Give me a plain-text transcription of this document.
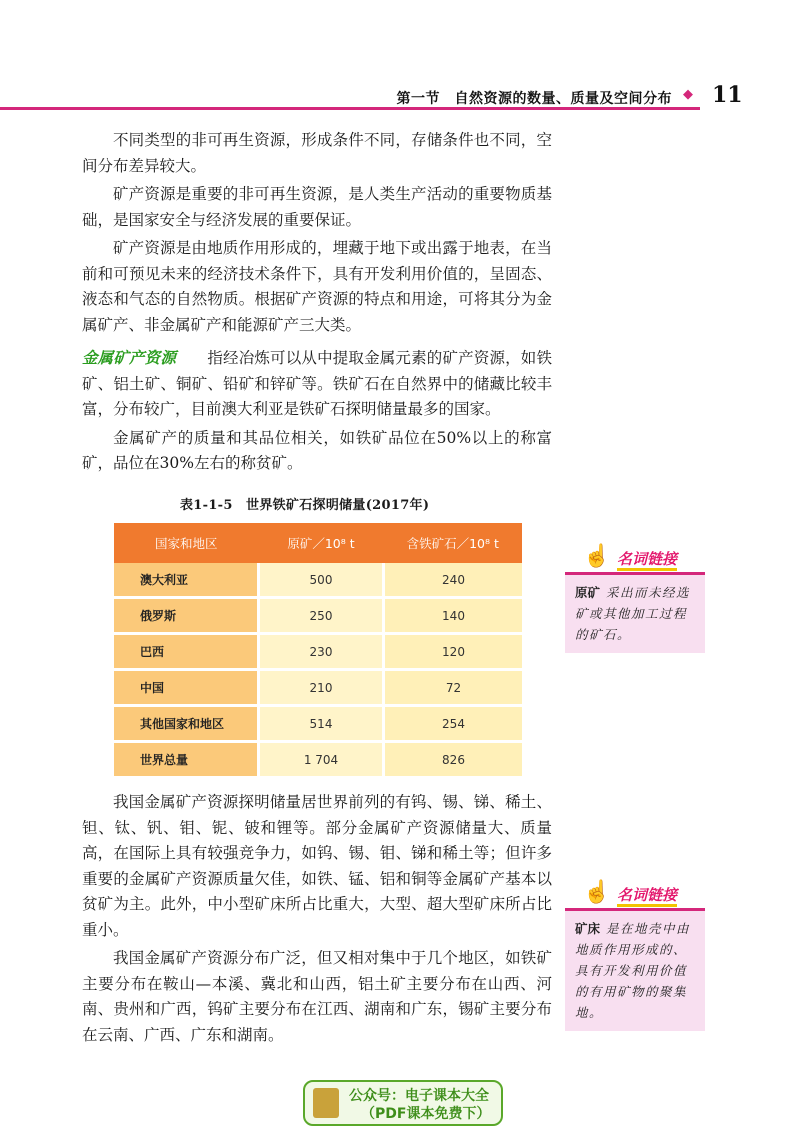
第一节　自然资源的数量、质量及空间分布 ◆ 11

不同类型的非可再生资源，形成条件不同，存储条件也不同，空间分布差异较大。

矿产资源是重要的非可再生资源，是人类生产活动的重要物质基础，是国家安全与经济发展的重要保证。

矿产资源是由地质作用形成的，埋藏于地下或出露于地表，在当前和可预见未来的经济技术条件下，具有开发利用价值的，呈固态、液态和气态的自然物质。根据矿产资源的特点和用途，可将其分为金属矿产、非金属矿产和能源矿产三大类。

金属矿产资源　　指经冶炼可以从中提取金属元素的矿产资源，如铁矿、铝土矿、铜矿、铅矿和锌矿等。铁矿石在自然界中的储藏比较丰富，分布较广，目前澳大利亚是铁矿石探明储量最多的国家。

金属矿产的质量和其品位相关，如铁矿品位在50%以上的称富矿，品位在30%左右的称贫矿。

表1-1-5　世界铁矿石探明储量(2017年)
国家和地区	原矿／10⁸ t	含铁矿石／10⁸ t
澳大利亚	500	240
俄罗斯	250	140
巴西	230	120
中国	210	72
其他国家和地区	514	254
世界总量	1 704	826
☝ 名词链接
原矿 采出而未经选矿或其他加工过程的矿石。

我国金属矿产资源探明储量居世界前列的有钨、锡、锑、稀土、钽、钛、钒、钼、铌、铍和锂等。部分金属矿产资源储量大、质量高，在国际上具有较强竞争力，如钨、锡、钼、锑和稀土等；但许多重要的金属矿产资源质量欠佳，如铁、锰、铝和铜等金属矿产基本以贫矿为主。此外，中小型矿床所占比重大，大型、超大型矿床所占比重小。

我国金属矿产资源分布广泛，但又相对集中于几个地区，如铁矿主要分布在鞍山—本溪、冀北和山西，铝土矿主要分布在山西、河南、贵州和广西，钨矿主要分布在江西、湖南和广东，锡矿主要分布在云南、广西、广东和湖南。

☝ 名词链接
矿床 是在地壳中由地质作用形成的、具有开发利用价值的有用矿物的聚集地。
公众号：电子课本大全
（PDF课本免费下）
